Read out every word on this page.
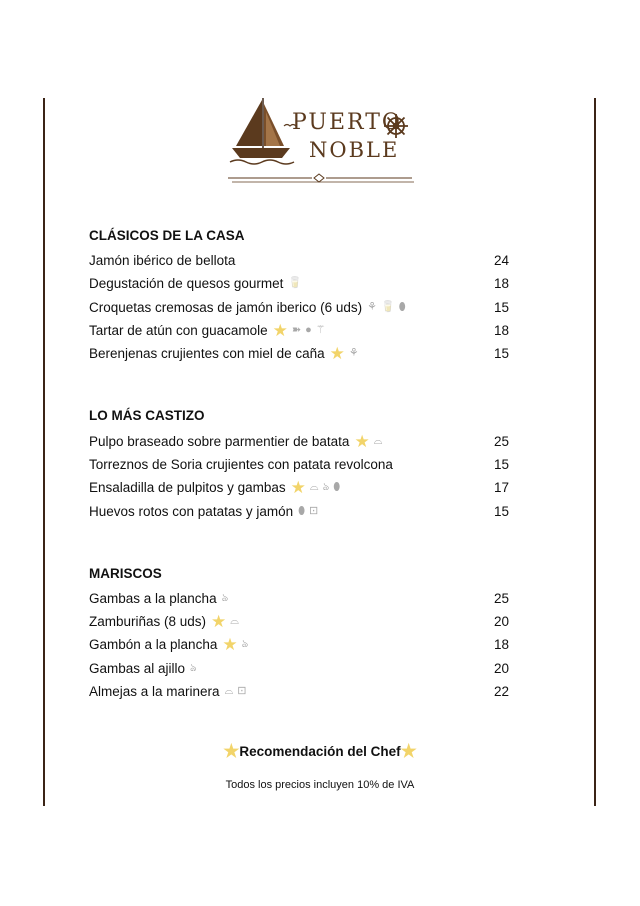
PUERTO
NOBLE
CLÁSICOS DE LA CASA
Jamón ibérico de bellota	24
Degustación de quesos gourmet 🥛	18
Croquetas cremosas de jamón iberico (6 uds) ⚘ 🥛 ⬮	15
Tartar de atún con guacamole ★ ➽ ● ⚚	18
Berenjenas crujientes con miel de caña ★ ⚘	15
LO MÁS CASTIZO
Pulpo braseado sobre parmentier de batata ★ ⌓	25
Torreznos de Soria crujientes con patata revolcona	15
Ensaladilla de pulpitos y gambas ★ ⌓ ঌ ⬮	17
Huevos rotos con patatas y jamón ⬮ ⊡	15
MARISCOS
Gambas a la plancha ঌ	25
Zamburiñas (8 uds) ★ ⌓	20
Gambón a la plancha ★ ঌ	18
Gambas al ajillo ঌ	20
Almejas a la marinera ⌓ ⊡	22
★Recomendación del Chef★
Todos los precios incluyen 10% de IVA
